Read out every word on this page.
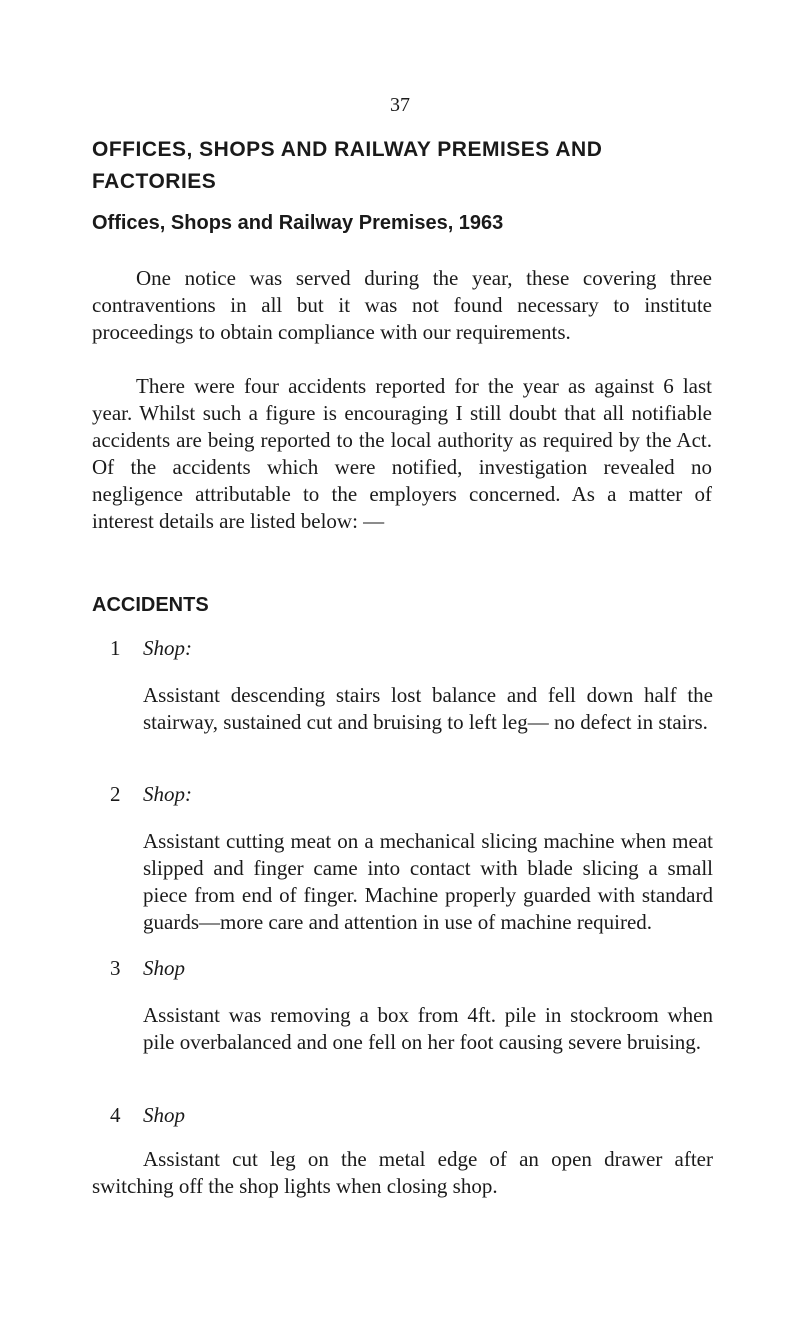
37
OFFICES, SHOPS AND RAILWAY PREMISES AND FACTORIES
Offices, Shops and Railway Premises, 1963

One notice was served during the year, these covering three contraventions in all but it was not found necessary to institute proceedings to obtain compliance with our requirements.

There were four accidents reported for the year as against 6 last year. Whilst such a figure is encouraging I still doubt that all notifiable accidents are being reported to the local authority as required by the Act. Of the accidents which were notified, investigation revealed no negligence attributable to the employers concerned. As a matter of interest details are listed below: —

ACCIDENTS
1 Shop:

Assistant descending stairs lost balance and fell down half the stairway, sustained cut and bruising to left leg— no defect in stairs.

2 Shop:

Assistant cutting meat on a mechanical slicing machine when meat slipped and finger came into contact with blade slicing a small piece from end of finger. Machine properly guarded with standard guards—more care and attention in use of machine required.

3 Shop

Assistant was removing a box from 4ft. pile in stockroom when pile overbalanced and one fell on her foot causing severe bruising.

4 Shop

Assistant cut leg on the metal edge of an open drawer after switching off the shop lights when closing shop.
